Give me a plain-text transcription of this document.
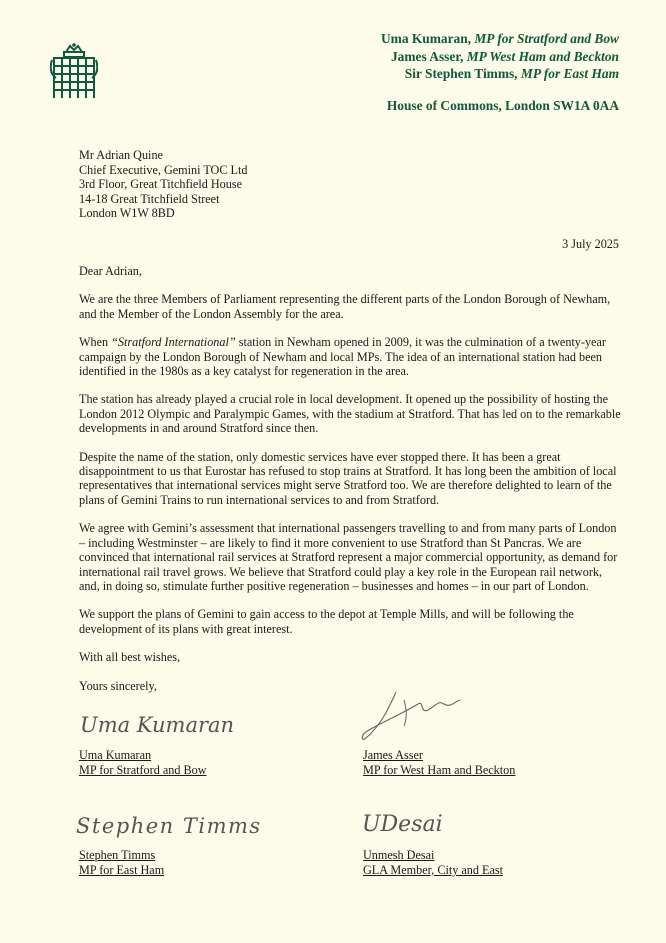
Uma Kumaran, MP for Stratford and Bow
James Asser, MP West Ham and Beckton
Sir Stephen Timms, MP for East Ham
House of Commons, London SW1A 0AA
Mr Adrian Quine
Chief Executive, Gemini TOC Ltd
3rd Floor, Great Titchfield House
14-18 Great Titchfield Street
London W1W 8BD
3 July 2025

Dear Adrian,

We are the three Members of Parliament representing the different parts of the London Borough of Newham, and the Member of the London Assembly for the area.

When “Stratford International” station in Newham opened in 2009, it was the culmination of a twenty-year campaign by the London Borough of Newham and local MPs. The idea of an international station had been identified in the 1980s as a key catalyst for regeneration in the area.

The station has already played a crucial role in local development. It opened up the possibility of hosting the London 2012 Olympic and Paralympic Games, with the stadium at Stratford. That has led on to the remarkable developments in and around Stratford since then.

Despite the name of the station, only domestic services have ever stopped there. It has been a great disappointment to us that Eurostar has refused to stop trains at Stratford. It has long been the ambition of local representatives that international services might serve Stratford too. We are therefore delighted to learn of the plans of Gemini Trains to run international services to and from Stratford.

We agree with Gemini’s assessment that international passengers travelling to and from many parts of London – including Westminster – are likely to find it more convenient to use Stratford than St Pancras. We are convinced that international rail services at Stratford represent a major commercial opportunity, as demand for international rail travel grows. We believe that Stratford could play a key role in the European rail network, and, in doing so, stimulate further positive regeneration – businesses and homes – in our part of London.

We support the plans of Gemini to gain access to the depot at Temple Mills, and will be following the development of its plans with great interest.

With all best wishes,

Yours sincerely,

Uma Kumaran
Stephen Timms	UDesai
Uma Kumaran
MP for Stratford and Bow
James Asser
MP for West Ham and Beckton
Stephen Timms
MP for East Ham
Unmesh Desai
GLA Member, City and East
